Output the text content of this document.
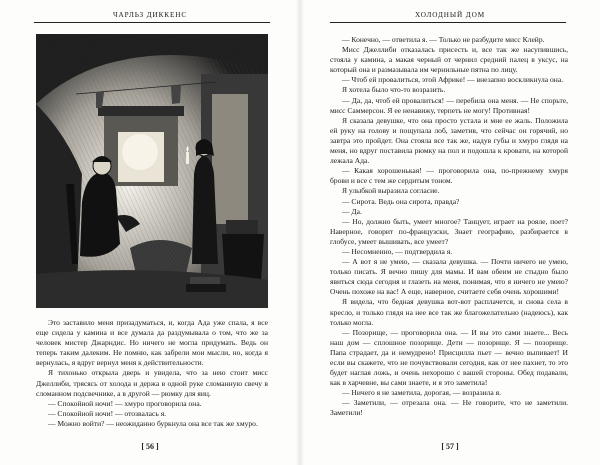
ЧАРЛЬЗ ДИККЕНС

Это заставило меня призадуматься, и, когда Ада уже спала, я все еще сидела у камина и все думала да раздумывала о том, что же за человек мистер Джарндис. Но ничего не могла придумать. Ведь он теперь таким далеким. Не помню, как забрели мои мысли, но, когда я вернулась, я вдруг вернул меня к действительности.

Я тихонько открыла дверь и увидела, что за нею стоит мисс Джеллиби, трясясь от холода и держа в одной руке сломанную свечу в сломанном подсвечнике, а в другой — рюмку для яиц.

— Спокойной ночи! — хмуро проговорила она.

— Спокойной ночи! — отозвалась я.

— Можно войти? — неожиданно буркнула она все так же хмуро.

[ 56 ]
ХОЛОДНЫЙ ДОМ

— Конечно, — ответила я. — Только не разбудите мисс Клейр.

Мисс Джеллиби отказалась присесть и, все так же насупившись, стояла у камина, а макая черный от чернил средний палец в уксус, на который она и размазывала им чернильные пятна по лицу.

— Чтоб ей провалиться, этой Африке! — внезапно воскликнула она.

Я хотела было что-то возразить.

— Да, да, чтоб ей провалиться! — перебила она меня. — Не спорьте, мисс Саммерсон. Я ее ненавижу, терпеть не могу! Противная!

Я сказала девушке, что она просто устала и мне ее жаль. Положила ей руку на голову и пощупала лоб, заметив, что сейчас он горячий, но завтра это пройдет. Она стояла все так же, надув губы и хмуро глядя на меня, но вдруг поставила рюмку на пол и подошла к кровати, на которой лежала Ада.

— Какая хорошенькая! — проговорила она, по-прежнему хмуря брови и все с тем же сердитым тоном.

Я улыбкой выразила согласие.

— Сирота. Ведь она сирота, правда?

— Да.

— Но, должно быть, умеет многое? Танцует, играет на рояле, поет? Наверное, говорит по-французски, Знает географию, разбирается в глобусе, умеет вышивать, все умеет?

— Несомненно, — подтвердила я.

— А вот я не умею, — сказала девушка. — Почти ничего не умею, только писать. Я вечно пишу для мамы. И вам обеим не стыдно было явиться сюда сегодня и глазеть на меня, понимая, что я ничего не умею? Очень похоже на вас! А еще, наверное, считаете себя очень хорошими!

Я видела, что бедная девушка вот-вот расплачется, и снова села в кресло, и только глядя на нее все так же благожелательно (надеюсь), как только могла.

— Позорище, — проговорила она. — И вы это сами знаете... Весь наш дом — сплошное позорище. Дети — позорище. Я — позорище. Папа страдает, да и немудрено! Присцилла пьет — вечно выпивает! И если вы скажете, что не почувствовали сегодня, как от нее пахнет, то это будет наглая ложь, и очень нехорошо с вашей стороны. Обед подавали, как в харчевне, вы сами знаете, и я это заметила!

— Ничего я не заметила, дорогая, — возразила я.

— Заметили, — отрезала она. — Не говорите, что не заметили. Заметили!

[ 57 ]
